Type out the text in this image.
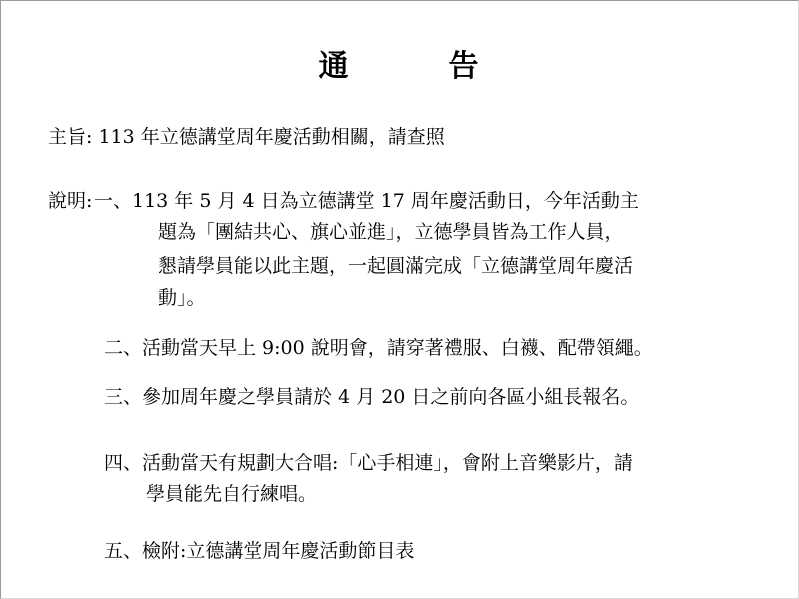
通	告
主旨: 113 年立德講堂周年慶活動相關，請查照
說明: 一、113 年 5 月 4 日為立德講堂 17 周年慶活動日，今年活動主
題為「團結共心、旗心並進」，立德學員皆為工作人員，
懇請學員能以此主題，一起圓滿完成「立德講堂周年慶活
動」。
二、活動當天早上 9:00 說明會，請穿著禮服、白襪、配帶領繩。
三、參加周年慶之學員請於 4 月 20 日之前向各區小組長報名。
四、活動當天有規劃大合唱:「心手相連」，會附上音樂影片，請
學員能先自行練唱。
五、檢附:立德講堂周年慶活動節目表
